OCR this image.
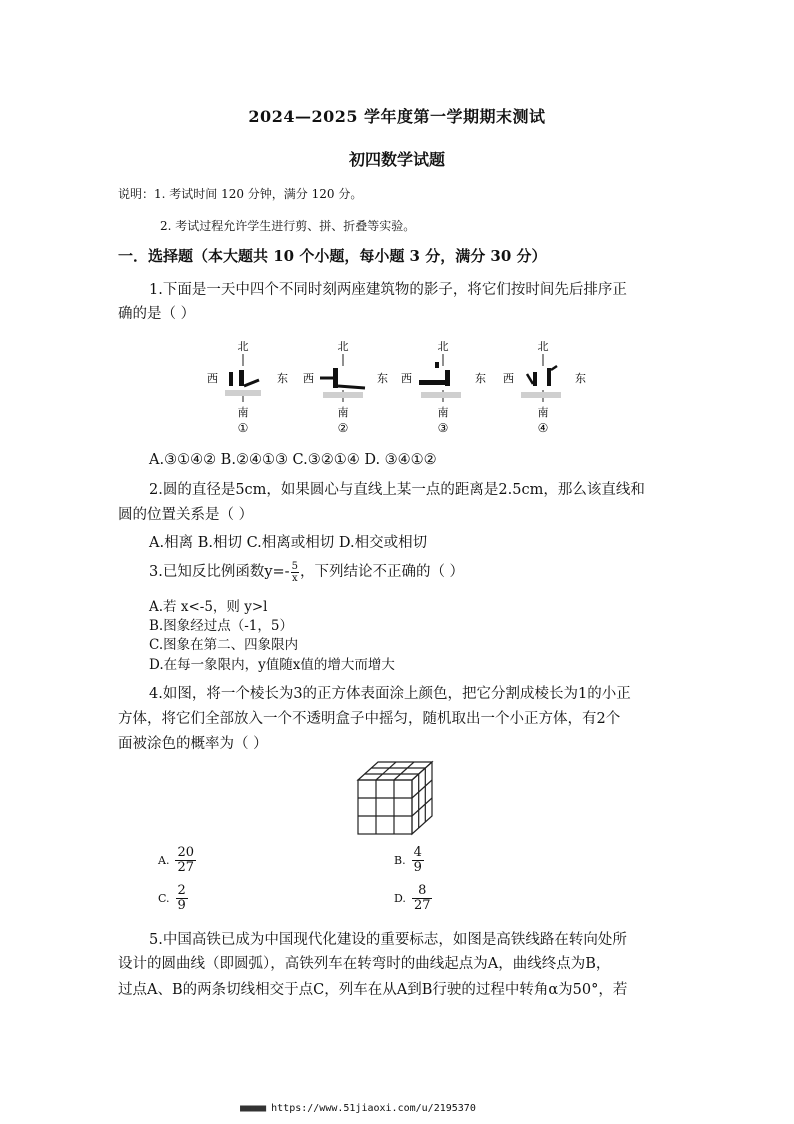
2024—2025 学年度第一学期期末测试
初四数学试题
说明：1. 考试时间 120 分钟，满分 120 分。
2. 考试过程允许学生进行剪、拼、折叠等实验。
一．选择题（本大题共 10 个小题，每小题 3 分，满分 30 分）
1.下面是一天中四个不同时刻两座建筑物的影子，将它们按时间先后排序正
确的是（ ）
北
西	东
南
①
北
西	东
南
②
北
西	东
南
③
北
西	东
南
④
A.③①④② B.②④①③ C.③②①④ D. ③④①②
2.圆的直径是5cm，如果圆心与直线上某一点的距离是2.5cm，那么该直线和
圆的位置关系是（ ）
A.相离 B.相切 C.相离或相切 D.相交或相切
3.已知反比例函数$y=- \frac{5}{x}$ ，下列结论不正确的（ ）
A.若 x<-5，则 y>l
B.图象经过点（-1，5）
C.图象在第二、四象限内
D.在每一象限内，y值随x值的增大而增大
4.如图，将一个棱长为3的正方体表面涂上颜色，把它分割成棱长为1的小正
方体，将它们全部放入一个不透明盒子中摇匀，随机取出一个小正方体，有2个
面被涂色的概率为（ ）
A. $\frac{20}{27}$	B. $\frac{4}{9}$
C. $\frac{2}{9}$	D. $\frac{8}{27}$
5.中国高铁已成为中国现代化建设的重要标志，如图是高铁线路在转向处所
设计的圆曲线（即圆弧），高铁列车在转弯时的曲线起点为A，曲线终点为B，
过点A、B的两条切线相交于点C，列车在从A到B行驶的过程中转角α为50°，若
■■■■■ https://www.51jiaoxi.com/u/2195370
